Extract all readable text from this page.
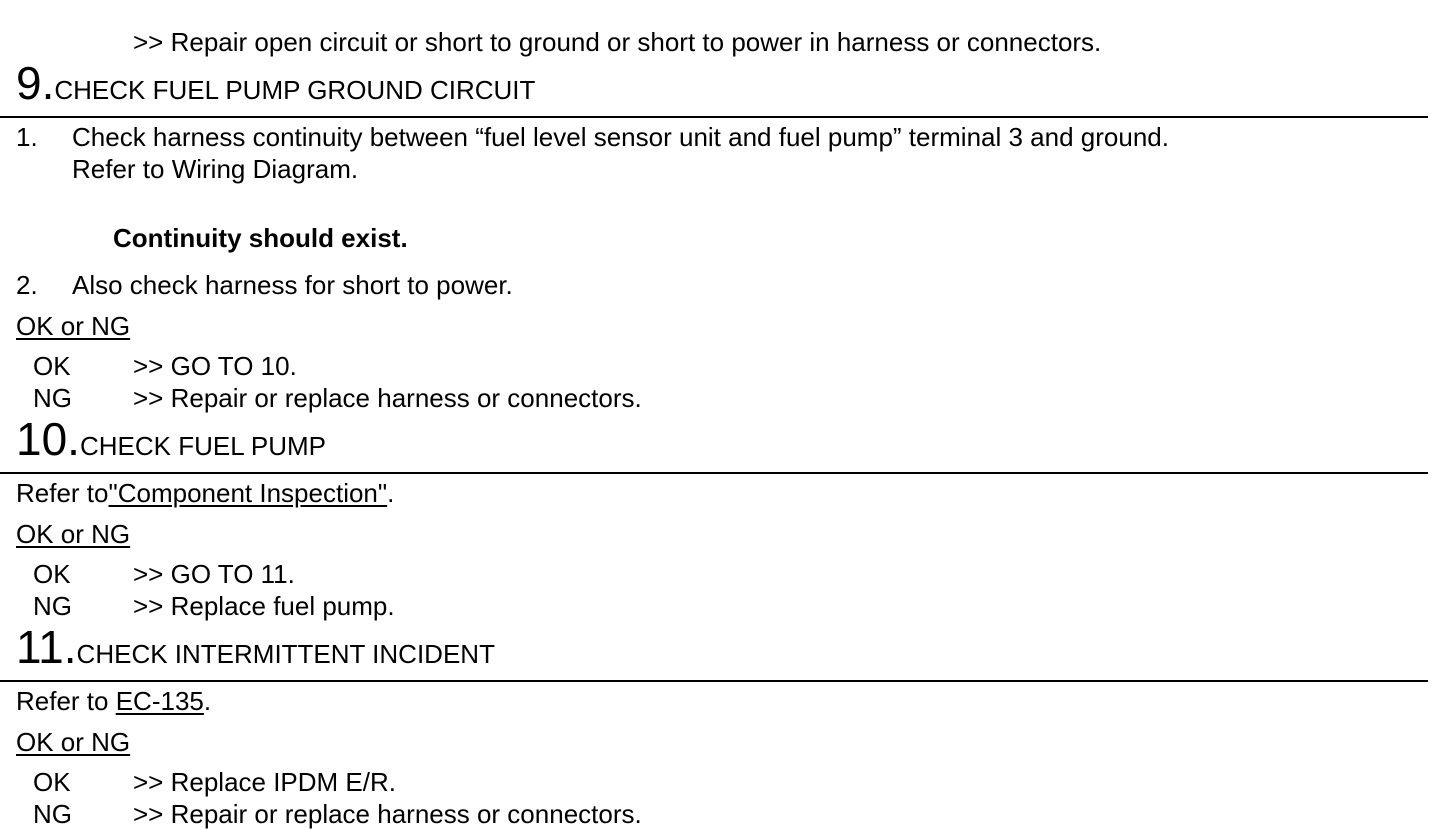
>> Repair open circuit or short to ground or short to power in harness or connectors.
9.CHECK FUEL PUMP GROUND CIRCUIT
1. Check harness continuity between “fuel level sensor unit and fuel pump” terminal 3 and ground.
Refer to Wiring Diagram.
Continuity should exist.
2. Also check harness for short to power.
OK or NG
OK >> GO TO 10.
NG >> Repair or replace harness or connectors.
10.CHECK FUEL PUMP
Refer to"Component Inspection".
OK or NG
OK >> GO TO 11.
NG >> Replace fuel pump.
11.CHECK INTERMITTENT INCIDENT
Refer to EC-135.
OK or NG
OK >> Replace IPDM E/R.
NG >> Repair or replace harness or connectors.
